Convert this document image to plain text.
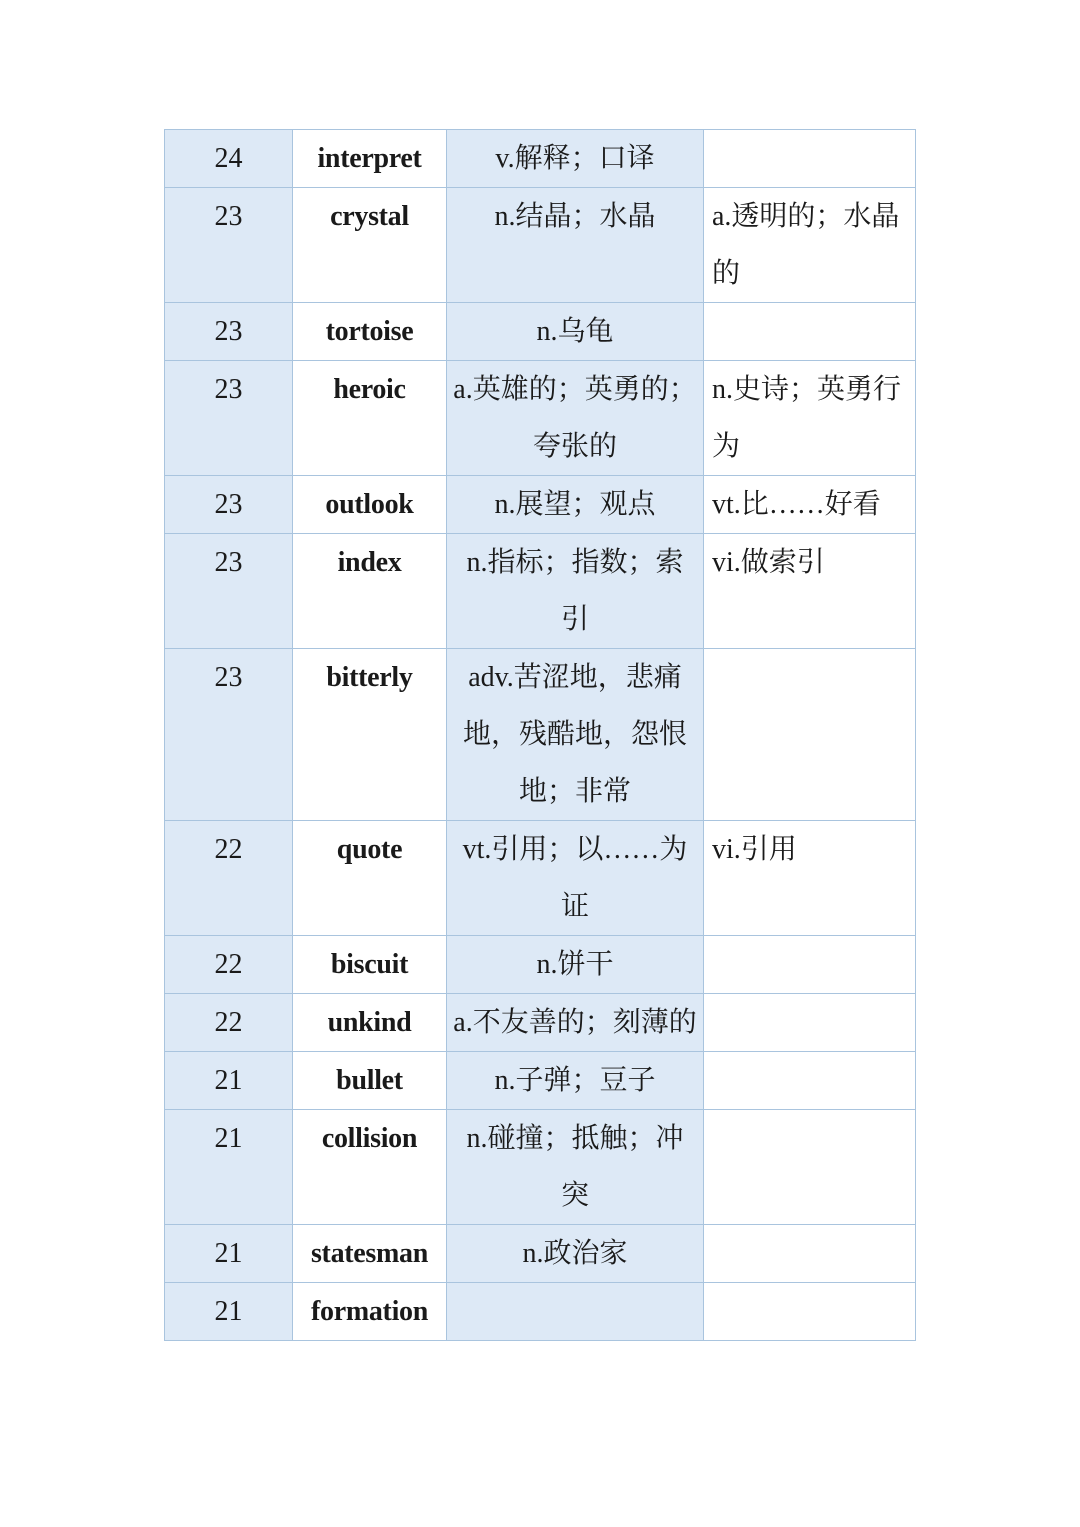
24	interpret	v.解释；口译	
23	crystal	n.结晶；水晶	a.透明的；水晶的
23	tortoise	n.乌龟	
23	heroic	a.英雄的；英勇的；夸张的	n.史诗；英勇行为
23	outlook	n.展望；观点	vt.比……好看
23	index	n.指标；指数；索引	vi.做索引
23	bitterly	adv.苦涩地，悲痛地，残酷地，怨恨地；非常	
22	quote	vt.引用；以……为证	vi.引用
22	biscuit	n.饼干	
22	unkind	a.不友善的；刻薄的	
21	bullet	n.子弹；豆子	
21	collision	n.碰撞；抵触；冲突	
21	statesman	n.政治家	
21	formation		
